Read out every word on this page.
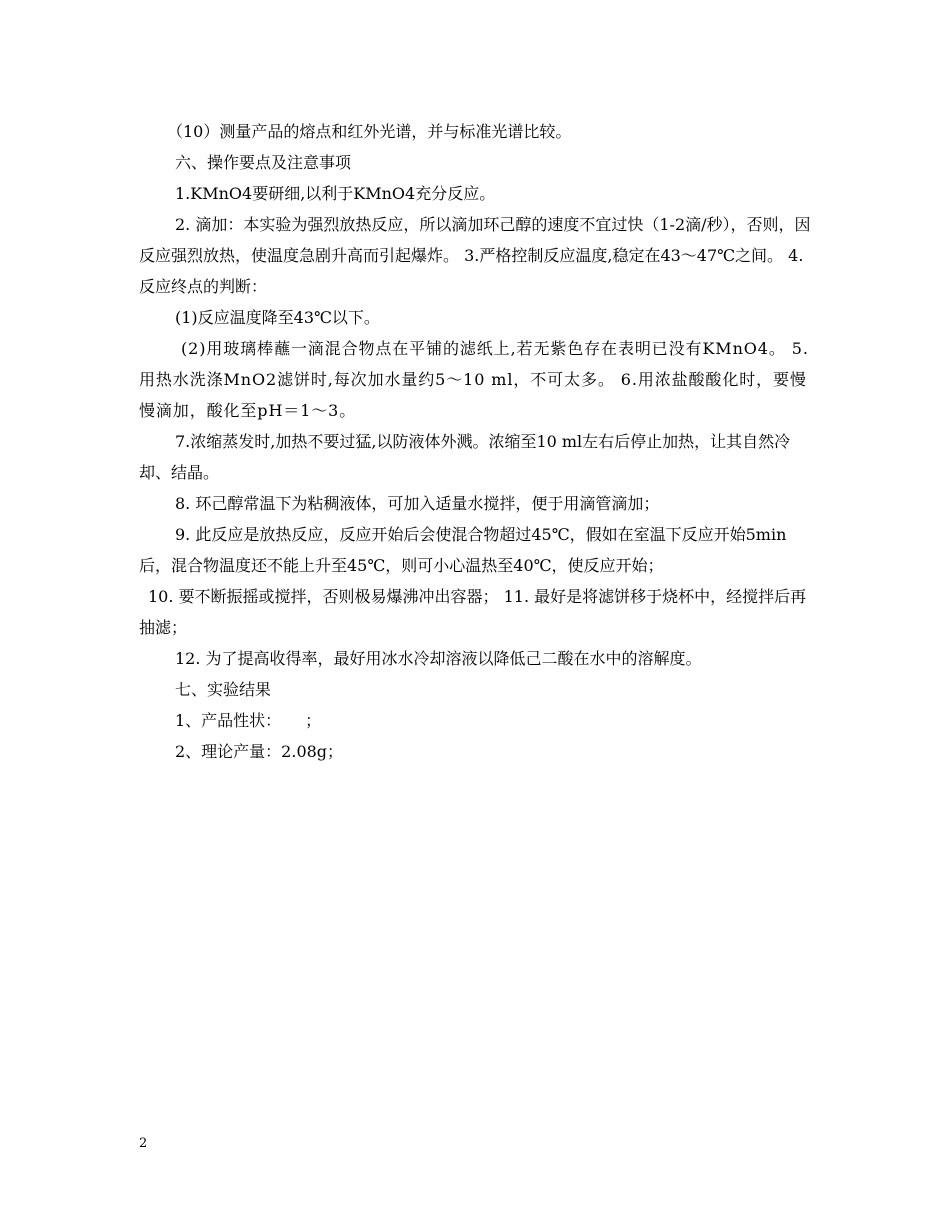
（10）测量产品的熔点和红外光谱，并与标准光谱比较。

六、操作要点及注意事项

1.KMnO4要研细,以利于KMnO4充分反应。

2. 滴加：本实验为强烈放热反应，所以滴加环己醇的速度不宜过快（1-2滴/秒），否则，因反应强烈放热，使温度急剧升高而引起爆炸。 3.严格控制反应温度,稳定在43～47℃之间。 4.反应终点的判断：

(1)反应温度降至43℃以下。

(2)用玻璃棒蘸一滴混合物点在平铺的滤纸上,若无紫色存在表明已没有KMnO4。 5.用热水洗涤MnO2滤饼时,每次加水量约5～10 ml，不可太多。 6.用浓盐酸酸化时，要慢慢滴加，酸化至pH＝1～3。

7.浓缩蒸发时,加热不要过猛,以防液体外溅。浓缩至10 ml左右后停止加热，让其自然冷却、结晶。

8. 环己醇常温下为粘稠液体，可加入适量水搅拌，便于用滴管滴加；

9. 此反应是放热反应，反应开始后会使混合物超过45℃，假如在室温下反应开始5min后，混合物温度还不能上升至45℃，则可小心温热至40℃，使反应开始；

10. 要不断振摇或搅拌，否则极易爆沸冲出容器； 11. 最好是将滤饼移于烧杯中，经搅拌后再抽滤；

12. 为了提高收得率，最好用冰水冷却溶液以降低己二酸在水中的溶解度。

七、实验结果

1、产品性状：　　；

2、理论产量：2.08g；

2
